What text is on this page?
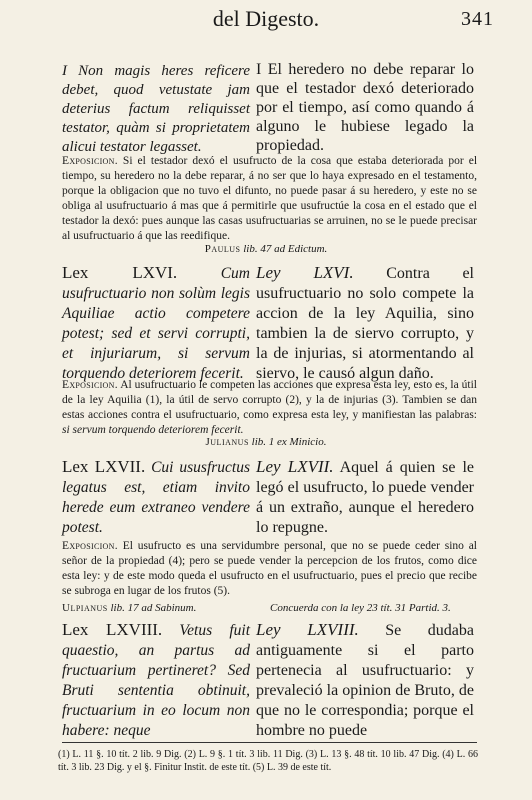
del Digesto.	341

I Non magis heres reficere debet, quod vetustate jam deterius factum reliquisset testator, quàm si proprietatem alicui testator legasset.

I El heredero no debe reparar lo que el testador dexó deteriorado por el tiempo, así como quando á alguno le hubiese legado la propiedad.

Exposicion. Si el testador dexó el usufructo de la cosa que estaba deteriorada por el tiempo, su heredero no la debe reparar, á no ser que lo haya expresado en el testamento, porque la obligacion que no tuvo el difunto, no puede pasar á su heredero, y este no se obliga al usufructuario á mas que á permitirle que usufructúe la cosa en el estado que el testador la dexó: pues aunque las casas usufructuarias se arruinen, no se le puede precisar al usufructuario á que las reedifique.

Paulus lib. 47 ad Edictum.

Lex LXVI.	Cum usufructuario non solùm legis Aquiliae actio competere potest; sed et servi corrupti, et injuriarum, si servum torquendo deteriorem fecerit.

Ley LXVI. Contra el usufructuario no solo compete la accion de la ley Aquilia, sino tambien la de siervo corrupto, y la de injurias, si atormentando al siervo, le causó algun daño.

Exposicion. Al usufructuario le competen las acciones que expresa esta ley, esto es, la útil de la ley Aquilia (1), la útil de servo corrupto (2), y la de injurias (3). Tambien se dan estas acciones contra el usufructuario, como expresa esta ley, y manifiestan las palabras: si servum torquendo deteriorem fecerit.

Julianus lib. 1 ex Minicio.

Lex LXVII. Cui ususfructus legatus est, etiam invito herede eum extraneo vendere potest.

Ley LXVII. Aquel á quien se le legó el usufructo, lo puede vender á un extraño, aunque el heredero lo repugne.

Exposicion. El usufructo es una servidumbre personal, que no se puede ceder sino al señor de la propiedad (4); pero se puede vender la percepcion de los frutos, como dice esta ley: y de este modo queda el usufructo en el usufructuario, pues el precio que recibe se subroga en lugar de los frutos (5).

Ulpianus lib. 17 ad Sabinum.	Concuerda con la ley 23 tít. 31 Partid. 3.

Lex LXVIII. Vetus fuit quaestio, an partus ad fructuarium pertineret? Sed Bruti sententia obtinuit, fructuarium in eo locum non habere: neque

Ley LXVIII. Se dudaba antiguamente si el parto pertenecia al usufructuario: y prevaleció la opinion de Bruto, de que no le correspondia; porque el hombre no puede

(1) L. 11 §. 10 tít. 2 lib. 9 Dig. (2) L. 9 §. 1 tít. 3 lib. 11 Dig. (3) L. 13 §. 48 tít. 10 lib. 47 Dig. (4) L. 66 tít. 3 lib. 23 Dig. y el §. Finitur Instit. de este tít. (5) L. 39 de este tít.
